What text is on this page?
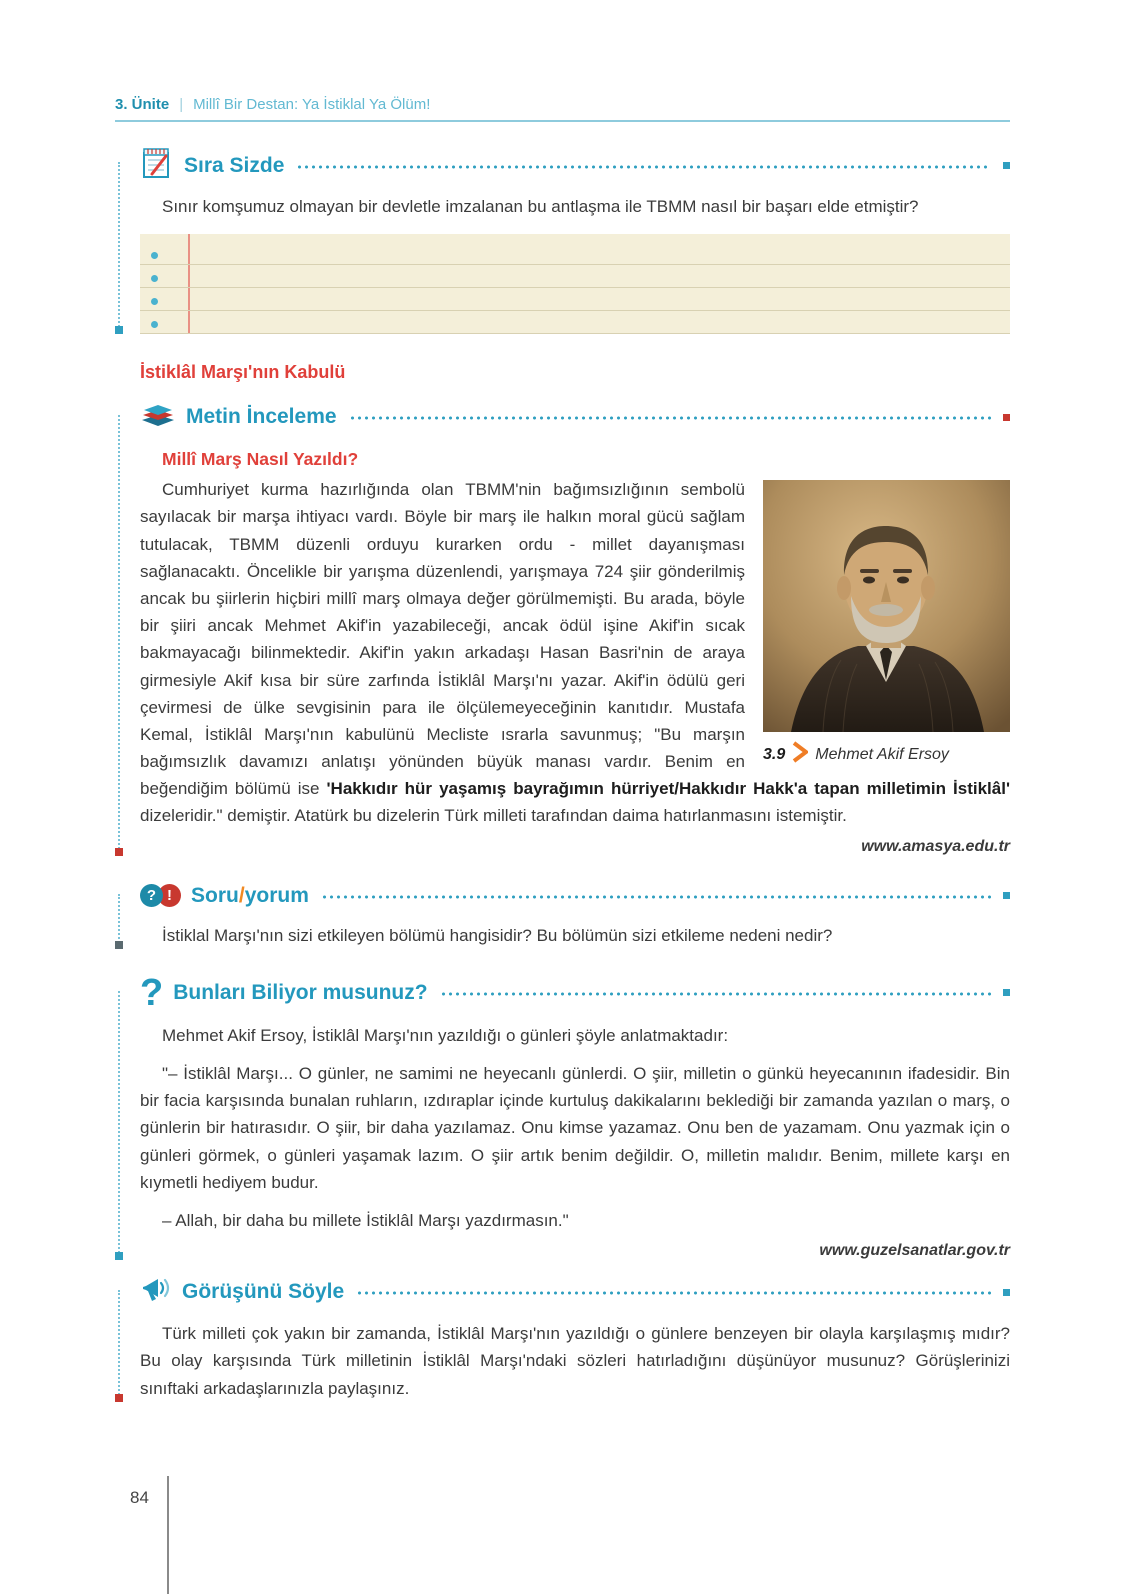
3. Ünite | Millî Bir Destan: Ya İstiklal Ya Ölüm!
Sıra Sizde

Sınır komşumuz olmayan bir devletle imzalanan bu antlaşma ile TBMM nasıl bir başarı elde etmiştir?

İstiklâl Marşı'nın Kabulü
Metin İnceleme
Millî Marş Nasıl Yazıldı?
3.9 Mehmet Akif Ersoy

Cumhuriyet kurma hazırlığında olan TBMM'nin bağımsızlığının sembolü sayılacak bir marşa ihtiyacı vardı. Böyle bir marş ile halkın moral gücü sağlam tutulacak, TBMM düzenli orduyu kurarken ordu - millet dayanışması sağlanacaktı. Öncelikle bir yarışma düzenlendi, yarışmaya 724 şiir gönderilmiş ancak bu şiirlerin hiçbiri millî marş olmaya değer görülmemişti. Bu arada, böyle bir şiiri ancak Mehmet Akif'in yazabileceği, ancak ödül işine Akif'in sıcak bakmayacağı bilinmektedir. Akif'in yakın arkadaşı Hasan Basri'nin de araya girmesiyle Akif kısa bir süre zarfında İstiklâl Marşı'nı yazar. Akif'in ödülü geri çevirmesi de ülke sevgisinin para ile ölçülemeyeceğinin kanıtıdır. Mustafa Kemal, İstiklâl Marşı'nın kabulünü Mecliste ısrarla savunmuş; "Bu marşın bağımsızlık davamızı anlatışı yönünden büyük manası vardır. Benim en beğendiğim bölümü ise 'Hakkıdır hür yaşamış bayrağımın hürriyet/Hakkıdır Hakk'a tapan milletimin İstiklâl' dizeleridir." demiştir. Atatürk bu dizelerin Türk milleti tarafından daima hatırlanmasını istemiştir.

www.amasya.edu.tr

? ! Soru/yorum

İstiklal Marşı'nın sizi etkileyen bölümü hangisidir? Bu bölümün sizi etkileme nedeni nedir?

? Bunları Biliyor musunuz?

Mehmet Akif Ersoy, İstiklâl Marşı'nın yazıldığı o günleri şöyle anlatmaktadır:

"– İstiklâl Marşı... O günler, ne samimi ne heyecanlı günlerdi. O şiir, milletin o günkü heyecanının ifadesidir. Bin bir facia karşısında bunalan ruhların, ızdıraplar içinde kurtuluş dakikalarını beklediği bir zamanda yazılan o marş, o günlerin bir hatırasıdır. O şiir, bir daha yazılamaz. Onu kimse yazamaz. Onu ben de yazamam. Onu yazmak için o günleri görmek, o günleri yaşamak lazım. O şiir artık benim değildir. O, milletin malıdır. Benim, millete karşı en kıymetli hediyem budur.

– Allah, bir daha bu millete İstiklâl Marşı yazdırmasın."

www.guzelsanatlar.gov.tr

Görüşünü Söyle

Türk milleti çok yakın bir zamanda, İstiklâl Marşı'nın yazıldığı o günlere benzeyen bir olayla karşılaşmış mıdır? Bu olay karşısında Türk milletinin İstiklâl Marşı'ndaki sözleri hatırladığını düşünüyor musunuz? Görüşlerinizi sınıftaki arkadaşlarınızla paylaşınız.

84
